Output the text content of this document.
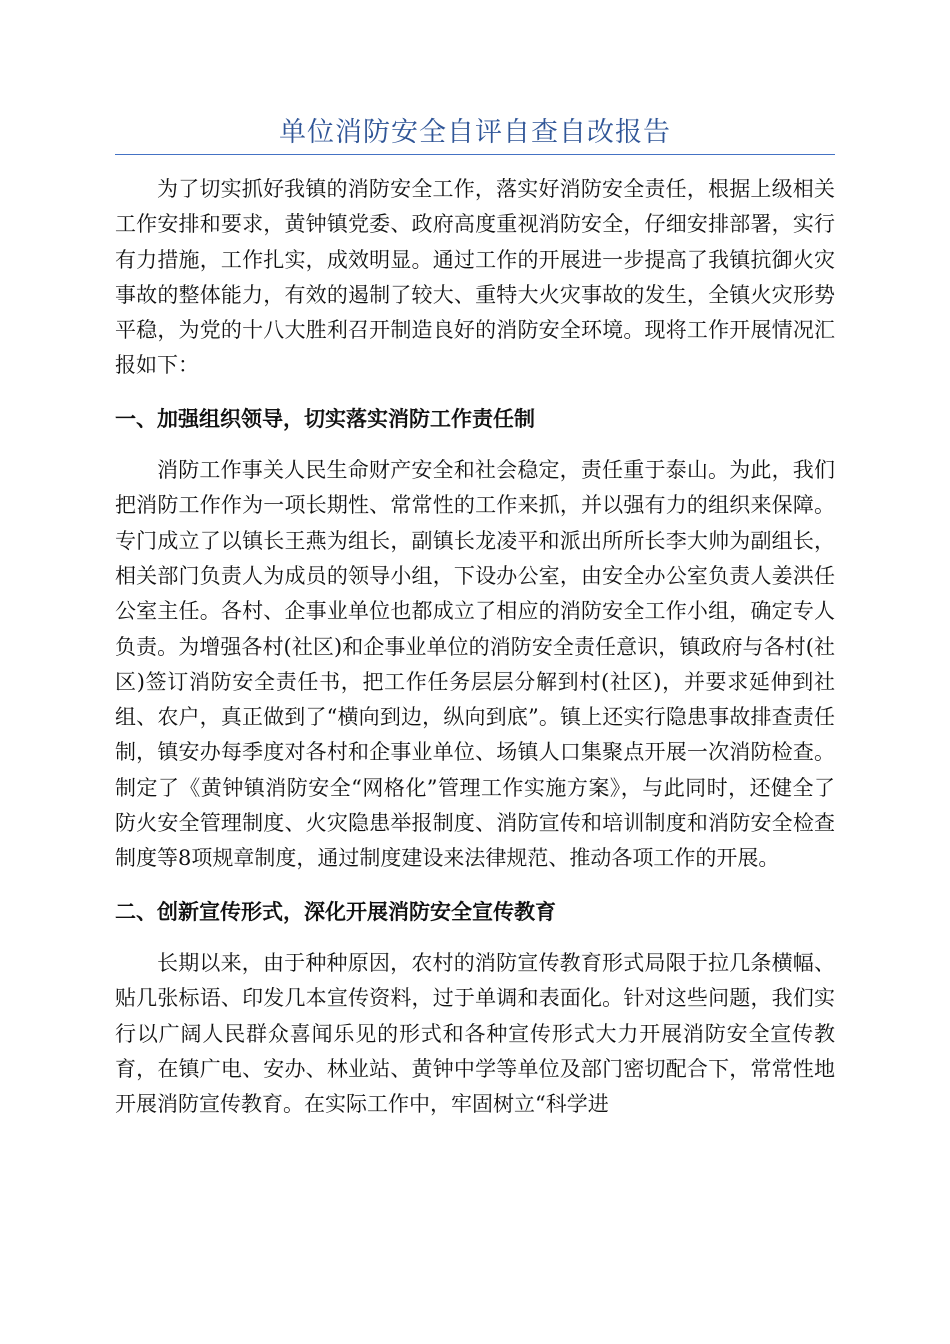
单位消防安全自评自查自改报告

为了切实抓好我镇的消防安全工作，落实好消防安全责任，根据上级相关工作安排和要求，黄钟镇党委、政府高度重视消防安全，仔细安排部署，实行有力措施，工作扎实，成效明显。通过工作的开展进一步提高了我镇抗御火灾事故的整体能力，有效的遏制了较大、重特大火灾事故的发生，全镇火灾形势平稳，为党的十八大胜利召开制造良好的消防安全环境。现将工作开展情况汇报如下：

一、加强组织领导，切实落实消防工作责任制

消防工作事关人民生命财产安全和社会稳定，责任重于泰山。为此，我们把消防工作作为一项长期性、常常性的工作来抓，并以强有力的组织来保障。专门成立了以镇长王燕为组长，副镇长龙凌平和派出所所长李大帅为副组长，相关部门负责人为成员的领导小组，下设办公室，由安全办公室负责人姜洪任公室主任。各村、企事业单位也都成立了相应的消防安全工作小组，确定专人负责。为增强各村(社区)和企事业单位的消防安全责任意识，镇政府与各村(社区)签订消防安全责任书，把工作任务层层分解到村(社区)，并要求延伸到社组、农户，真正做到了“横向到边，纵向到底”。镇上还实行隐患事故排查责任制，镇安办每季度对各村和企事业单位、场镇人口集聚点开展一次消防检查。制定了《黄钟镇消防安全“网格化”管理工作实施方案》，与此同时，还健全了防火安全管理制度、火灾隐患举报制度、消防宣传和培训制度和消防安全检查制度等8项规章制度，通过制度建设来法律规范、推动各项工作的开展。

二、创新宣传形式，深化开展消防安全宣传教育

长期以来，由于种种原因，农村的消防宣传教育形式局限于拉几条横幅、贴几张标语、印发几本宣传资料，过于单调和表面化。针对这些问题，我们实行以广阔人民群众喜闻乐见的形式和各种宣传形式大力开展消防安全宣传教育，在镇广电、安办、林业站、黄钟中学等单位及部门密切配合下，常常性地开展消防宣传教育。在实际工作中，牢固树立“科学进
